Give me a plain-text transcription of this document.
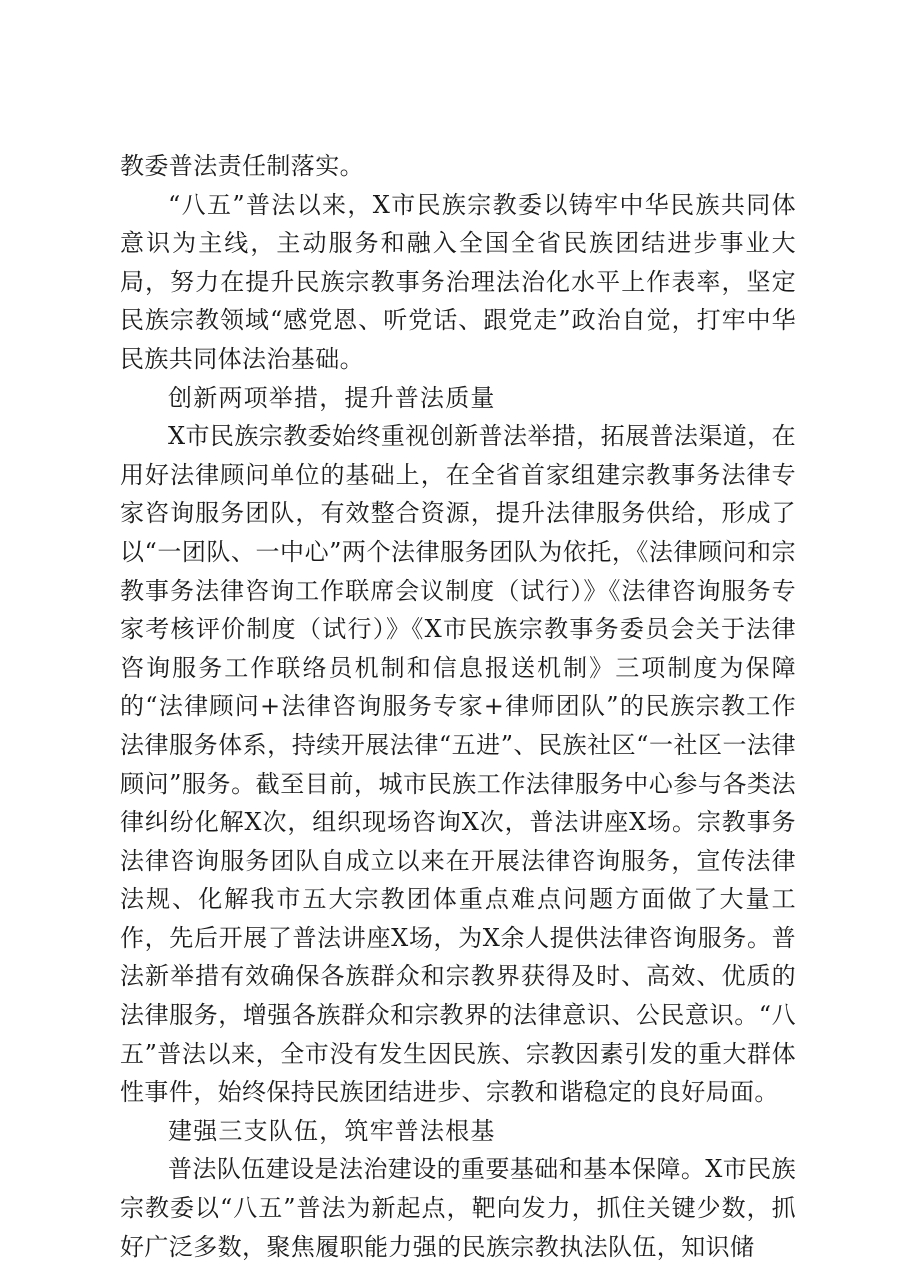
教委普法责任制落实。

“八五”普法以来，X市民族宗教委以铸牢中华民族共同体意识为主线，主动服务和融入全国全省民族团结进步事业大局，努力在提升民族宗教事务治理法治化水平上作表率，坚定民族宗教领域“感党恩、听党话、跟党走”政治自觉，打牢中华民族共同体法治基础。

创新两项举措，提升普法质量

X市民族宗教委始终重视创新普法举措，拓展普法渠道，在用好法律顾问单位的基础上，在全省首家组建宗教事务法律专家咨询服务团队，有效整合资源，提升法律服务供给，形成了以“一团队、一中心”两个法律服务团队为依托，《法律顾问和宗教事务法律咨询工作联席会议制度（试行）》《法律咨询服务专家考核评价制度（试行）》《X市民族宗教事务委员会关于法律咨询服务工作联络员机制和信息报送机制》三项制度为保障的“法律顾问+法律咨询服务专家+律师团队”的民族宗教工作法律服务体系，持续开展法律“五进”、民族社区“一社区一法律顾问”服务。截至目前，城市民族工作法律服务中心参与各类法律纠纷化解X次，组织现场咨询X次，普法讲座X场。宗教事务法律咨询服务团队自成立以来在开展法律咨询服务，宣传法律法规、化解我市五大宗教团体重点难点问题方面做了大量工作，先后开展了普法讲座X场，为X余人提供法律咨询服务。普法新举措有效确保各族群众和宗教界获得及时、高效、优质的法律服务，增强各族群众和宗教界的法律意识、公民意识。“八五”普法以来，全市没有发生因民族、宗教因素引发的重大群体性事件，始终保持民族团结进步、宗教和谐稳定的良好局面。

建强三支队伍，筑牢普法根基

普法队伍建设是法治建设的重要基础和基本保障。X市民族宗教委以“八五”普法为新起点，靶向发力，抓住关键少数，抓好广泛多数，聚焦履职能力强的民族宗教执法队伍，知识储
